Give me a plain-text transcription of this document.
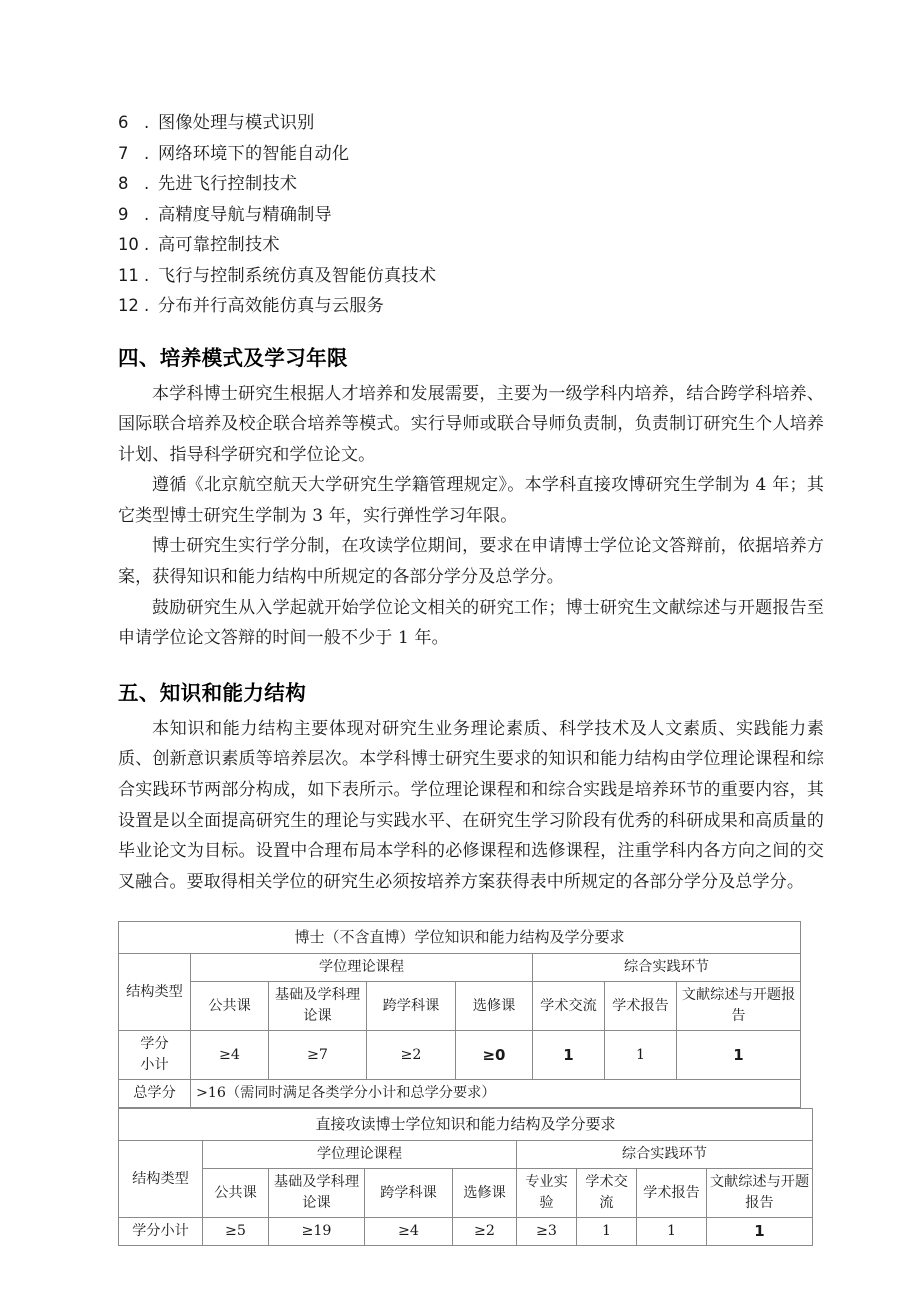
6 . 图像处理与模式识别
7 . 网络环境下的智能自动化
8 . 先进飞行控制技术
9 . 高精度导航与精确制导
10 . 高可靠控制技术
11 . 飞行与控制系统仿真及智能仿真技术
12 . 分布并行高效能仿真与云服务
四、培养模式及学习年限

本学科博士研究生根据人才培养和发展需要，主要为一级学科内培养，结合跨学科培养、国际联合培养及校企联合培养等模式。实行导师或联合导师负责制，负责制订研究生个人培养计划、指导科学研究和学位论文。

遵循《北京航空航天大学研究生学籍管理规定》。本学科直接攻博研究生学制为 4 年；其它类型博士研究生学制为 3 年，实行弹性学习年限。

博士研究生实行学分制，在攻读学位期间，要求在申请博士学位论文答辩前，依据培养方案，获得知识和能力结构中所规定的各部分学分及总学分。

鼓励研究生从入学起就开始学位论文相关的研究工作；博士研究生文献综述与开题报告至申请学位论文答辩的时间一般不少于 1 年。

五、知识和能力结构

本知识和能力结构主要体现对研究生业务理论素质、科学技术及人文素质、实践能力素质、创新意识素质等培养层次。本学科博士研究生要求的知识和能力结构由学位理论课程和综合实践环节两部分构成，如下表所示。学位理论课程和和综合实践是培养环节的重要内容，其设置是以全面提高研究生的理论与实践水平、在研究生学习阶段有优秀的科研成果和高质量的毕业论文为目标。设置中合理布局本学科的必修课程和选修课程，注重学科内各方向之间的交叉融合。要取得相关学位的研究生必须按培养方案获得表中所规定的各部分学分及总学分。

博士（不含直博）学位知识和能力结构及学分要求							
结构类型	学位理论课程				综合实践环节		
	公共课	基础及学科理论课	跨学科课	选修课	学术交流	学术报告	文献综述与开题报告
学分
小计	≥4	≥7	≥2	≥0	1	1	1
总学分	>16（需同时满足各类学分小计和总学分要求）						
直接攻读博士学位知识和能力结构及学分要求								
结构类型	学位理论课程				综合实践环节			
	公共课	基础及学科理论课	跨学科课	选修课	专业实验	学术交流	学术报告	文献综述与开题报告
学分小计	≥5	≥19	≥4	≥2	≥3	1	1	1
